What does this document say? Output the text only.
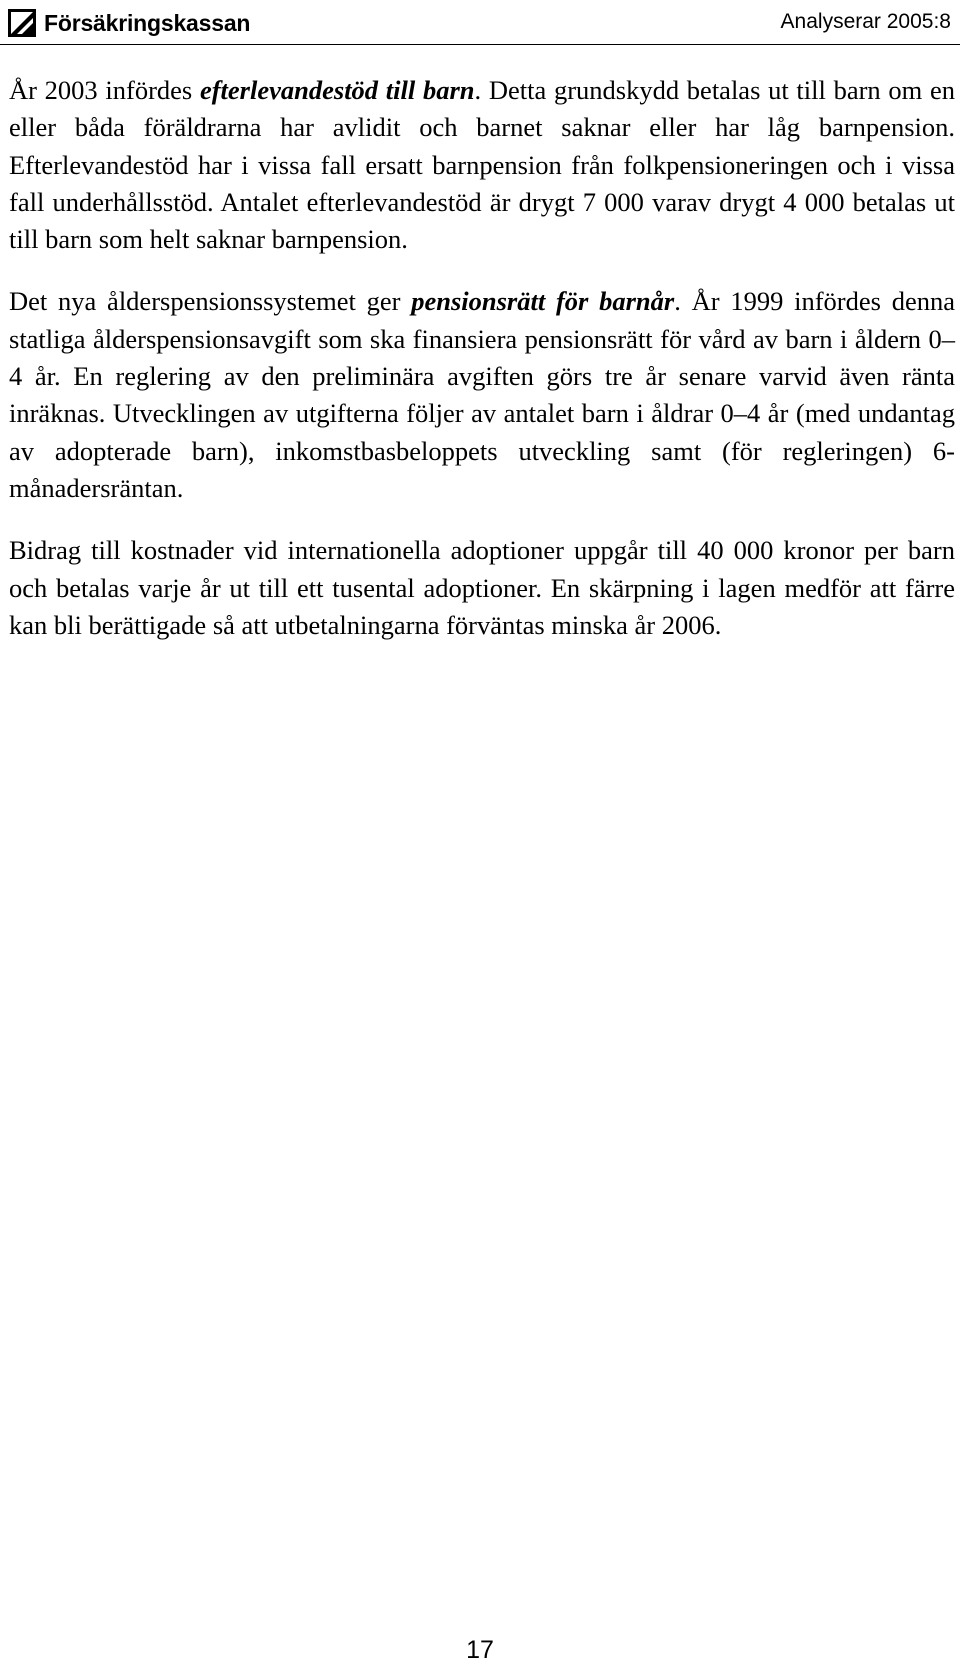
Försäkringskassan	Analyserar 2005:8

År 2003 infördes efterlevandestöd till barn. Detta grundskydd betalas ut till barn om en eller båda föräldrarna har avlidit och barnet saknar eller har låg barnpension. Efterlevandestöd har i vissa fall ersatt barnpension från folkpensioneringen och i vissa fall underhållsstöd. Antalet efterlevandestöd är drygt 7 000 varav drygt 4 000 betalas ut till barn som helt saknar barnpension.

Det nya ålderspensionssystemet ger pensionsrätt för barnår. År 1999 infördes denna statliga ålderspensionsavgift som ska finansiera pensionsrätt för vård av barn i åldern 0–4 år. En reglering av den preliminära avgiften görs tre år senare varvid även ränta inräknas. Utvecklingen av utgifterna följer av antalet barn i åldrar 0–4 år (med undantag av adopterade barn), inkomstbasbeloppets utveckling samt (för regleringen) 6-månadersräntan.

Bidrag till kostnader vid internationella adoptioner uppgår till 40 000 kronor per barn och betalas varje år ut till ett tusental adoptioner. En skärpning i lagen medför att färre kan bli berättigade så att utbetalningarna förväntas minska år 2006.

17
